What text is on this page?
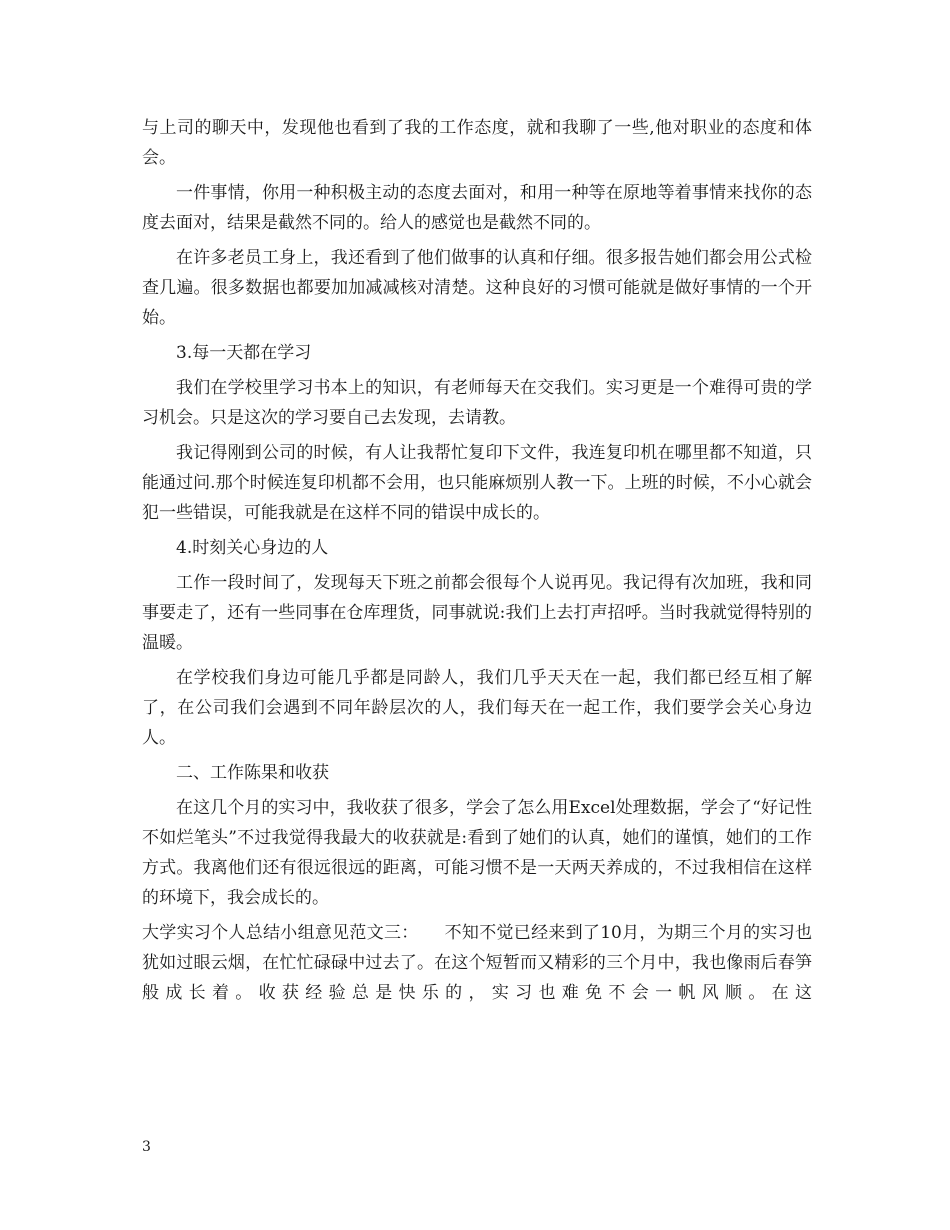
与上司的聊天中，发现他也看到了我的工作态度，就和我聊了一些,他对职业的态度和体会。

一件事情，你用一种积极主动的态度去面对，和用一种等在原地等着事情来找你的态度去面对，结果是截然不同的。给人的感觉也是截然不同的。

在许多老员工身上，我还看到了他们做事的认真和仔细。很多报告她们都会用公式检查几遍。很多数据也都要加加减减核对清楚。这种良好的习惯可能就是做好事情的一个开始。

3.每一天都在学习

我们在学校里学习书本上的知识，有老师每天在交我们。实习更是一个难得可贵的学习机会。只是这次的学习要自己去发现，去请教。

我记得刚到公司的时候，有人让我帮忙复印下文件，我连复印机在哪里都不知道，只能通过问.那个时候连复印机都不会用，也只能麻烦别人教一下。上班的时候，不小心就会犯一些错误，可能我就是在这样不同的错误中成长的。

4.时刻关心身边的人

工作一段时间了，发现每天下班之前都会很每个人说再见。我记得有次加班，我和同事要走了，还有一些同事在仓库理货，同事就说:我们上去打声招呼。当时我就觉得特别的温暖。

在学校我们身边可能几乎都是同龄人，我们几乎天天在一起，我们都已经互相了解了，在公司我们会遇到不同年龄层次的人，我们每天在一起工作，我们要学会关心身边人。

二、工作陈果和收获

在这几个月的实习中，我收获了很多，学会了怎么用Excel处理数据，学会了“好记性不如烂笔头”不过我觉得我最大的收获就是:看到了她们的认真，她们的谨慎，她们的工作方式。我离他们还有很远很远的距离，可能习惯不是一天两天养成的，不过我相信在这样的环境下，我会成长的。

大学实习个人总结小组意见范文三：　　不知不觉已经来到了10月，为期三个月的实习也犹如过眼云烟，在忙忙碌碌中过去了。在这个短暂而又精彩的三个月中，我也像雨后春笋般成长着。收获经验总是快乐的，实习也难免不会一帆风顺。在这

3
